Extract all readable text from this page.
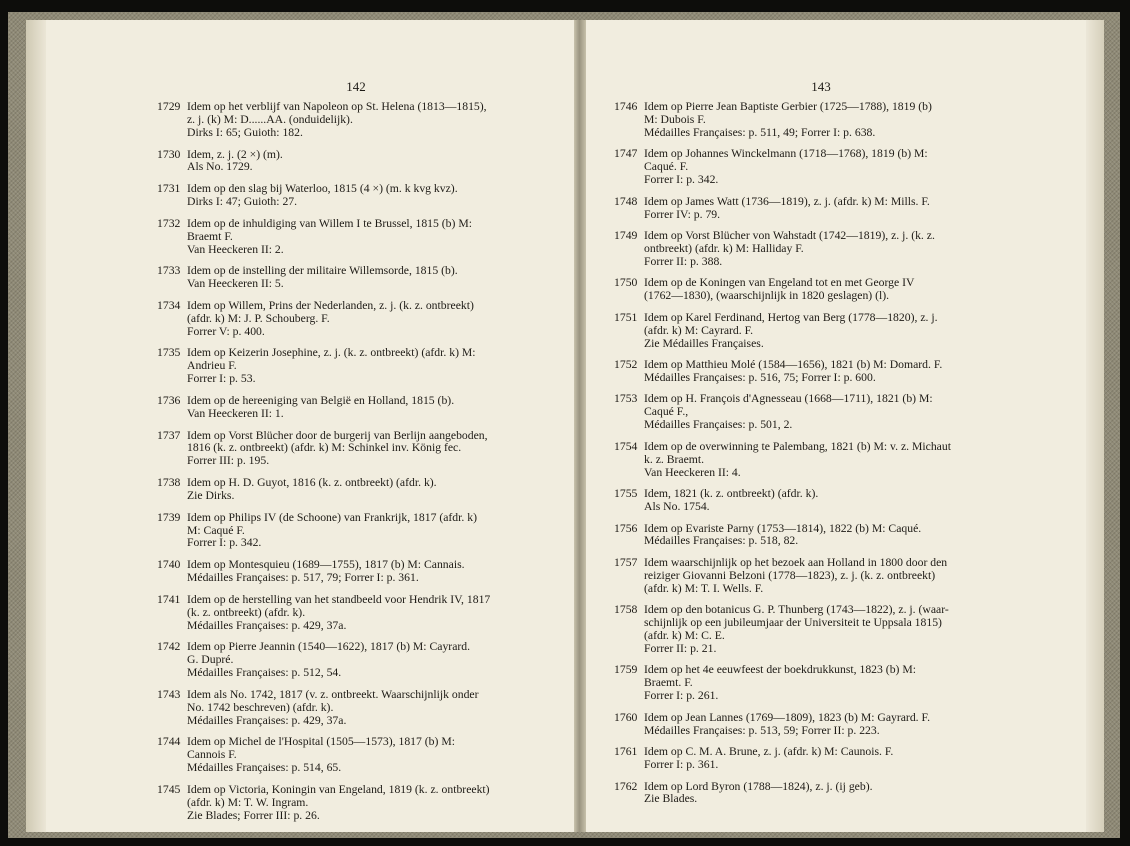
142
1729 Idem op het verblijf van Napoleon op St. Helena (1813—1815),
z. j. (k) M: D......AA. (onduidelijk).
Dirks I: 65; Guioth: 182.
1730 Idem, z. j. (2 ×) (m).
Als No. 1729.
1731 Idem op den slag bij Waterloo, 1815 (4 ×) (m. k kvg kvz).
Dirks I: 47; Guioth: 27.
1732 Idem op de inhuldiging van Willem I te Brussel, 1815 (b) M:
Braemt F.
Van Heeckeren II: 2.
1733 Idem op de instelling der militaire Willemsorde, 1815 (b).
Van Heeckeren II: 5.
1734 Idem op Willem, Prins der Nederlanden, z. j. (k. z. ontbreekt)
(afdr. k) M: J. P. Schouberg. F.
Forrer V: p. 400.
1735 Idem op Keizerin Josephine, z. j. (k. z. ontbreekt) (afdr. k) M:
Andrieu F.
Forrer I: p. 53.
1736 Idem op de hereeniging van België en Holland, 1815 (b).
Van Heeckeren II: 1.
1737 Idem op Vorst Blücher door de burgerij van Berlijn aangeboden,
1816 (k. z. ontbreekt) (afdr. k) M: Schinkel inv. König fec.
Forrer III: p. 195.
1738 Idem op H. D. Guyot, 1816 (k. z. ontbreekt) (afdr. k).
Zie Dirks.
1739 Idem op Philips IV (de Schoone) van Frankrijk, 1817 (afdr. k)
M: Caqué F.
Forrer I: p. 342.
1740 Idem op Montesquieu (1689—1755), 1817 (b) M: Cannais.
Médailles Françaises: p. 517, 79; Forrer I: p. 361.
1741 Idem op de herstelling van het standbeeld voor Hendrik IV, 1817
(k. z. ontbreekt) (afdr. k).
Médailles Françaises: p. 429, 37a.
1742 Idem op Pierre Jeannin (1540—1622), 1817 (b) M: Cayrard.
G. Dupré.
Médailles Françaises: p. 512, 54.
1743 Idem als No. 1742, 1817 (v. z. ontbreekt. Waarschijnlijk onder
No. 1742 beschreven) (afdr. k).
Médailles Françaises: p. 429, 37a.
1744 Idem op Michel de l'Hospital (1505—1573), 1817 (b) M:
Cannois F.
Médailles Françaises: p. 514, 65.
1745 Idem op Victoria, Koningin van Engeland, 1819 (k. z. ontbreekt)
(afdr. k) M: T. W. Ingram.
Zie Blades; Forrer III: p. 26.
143
1746 Idem op Pierre Jean Baptiste Gerbier (1725—1788), 1819 (b)
M: Dubois F.
Médailles Françaises: p. 511, 49; Forrer I: p. 638.
1747 Idem op Johannes Winckelmann (1718—1768), 1819 (b) M:
Caqué. F.
Forrer I: p. 342.
1748 Idem op James Watt (1736—1819), z. j. (afdr. k) M: Mills. F.
Forrer IV: p. 79.
1749 Idem op Vorst Blücher von Wahstadt (1742—1819), z. j. (k. z.
ontbreekt) (afdr. k) M: Halliday F.
Forrer II: p. 388.
1750 Idem op de Koningen van Engeland tot en met George IV
(1762—1830), (waarschijnlijk in 1820 geslagen) (l).
1751 Idem op Karel Ferdinand, Hertog van Berg (1778—1820), z. j.
(afdr. k) M: Cayrard. F.
Zie Médailles Françaises.
1752 Idem op Matthieu Molé (1584—1656), 1821 (b) M: Domard. F.
Médailles Françaises: p. 516, 75; Forrer I: p. 600.
1753 Idem op H. François d'Agnesseau (1668—1711), 1821 (b) M:
Caqué F.,
Médailles Françaises: p. 501, 2.
1754 Idem op de overwinning te Palembang, 1821 (b) M: v. z. Michaut
k. z. Braemt.
Van Heeckeren II: 4.
1755 Idem, 1821 (k. z. ontbreekt) (afdr. k).
Als No. 1754.
1756 Idem op Evariste Parny (1753—1814), 1822 (b) M: Caqué.
Médailles Françaises: p. 518, 82.
1757 Idem waarschijnlijk op het bezoek aan Holland in 1800 door den
reiziger Giovanni Belzoni (1778—1823), z. j. (k. z. ontbreekt)
(afdr. k) M: T. I. Wells. F.
1758 Idem op den botanicus G. P. Thunberg (1743—1822), z. j. (waar-
schijnlijk op een jubileumjaar der Universiteit te Uppsala 1815)
(afdr. k) M: C. E.
Forrer II: p. 21.
1759 Idem op het 4e eeuwfeest der boekdrukkunst, 1823 (b) M:
Braemt. F.
Forrer I: p. 261.
1760 Idem op Jean Lannes (1769—1809), 1823 (b) M: Gayrard. F.
Médailles Françaises: p. 513, 59; Forrer II: p. 223.
1761 Idem op C. M. A. Brune, z. j. (afdr. k) M: Caunois. F.
Forrer I: p. 361.
1762 Idem op Lord Byron (1788—1824), z. j. (ij geb).
Zie Blades.
